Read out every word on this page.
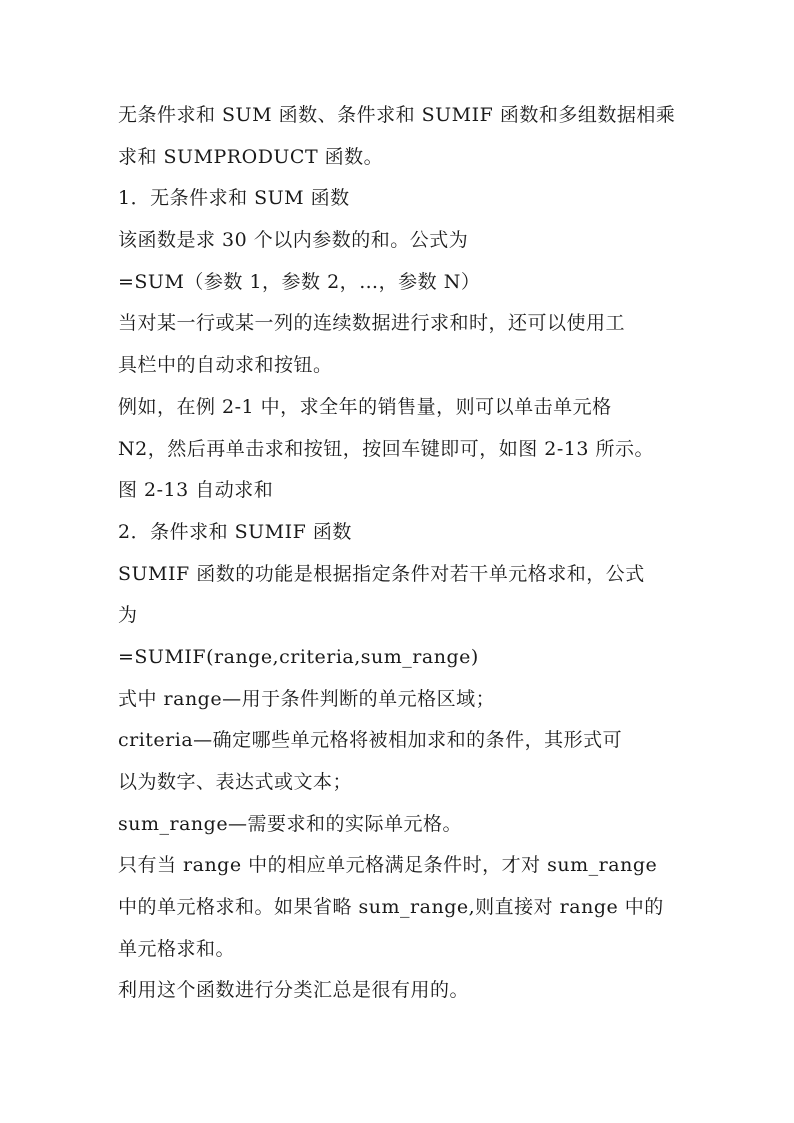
无条件求和 SUM 函数、条件求和 SUMIF 函数和多组数据相乘
求和 SUMPRODUCT 函数。
1．无条件求和 SUM 函数
该函数是求 30 个以内参数的和。公式为
=SUM（参数 1，参数 2，…，参数 N）
当对某一行或某一列的连续数据进行求和时，还可以使用工
具栏中的自动求和按钮。
例如，在例 2-1 中，求全年的销售量，则可以单击单元格
N2，然后再单击求和按钮，按回车键即可，如图 2-13 所示。
图 2-13 自动求和
2．条件求和 SUMIF 函数
SUMIF 函数的功能是根据指定条件对若干单元格求和，公式
为
=SUMIF(range,criteria,sum_range)
式中 range—用于条件判断的单元格区域；
criteria—确定哪些单元格将被相加求和的条件，其形式可
以为数字、表达式或文本；
sum_range—需要求和的实际单元格。
只有当 range 中的相应单元格满足条件时，才对 sum_range
中的单元格求和。如果省略 sum_range,则直接对 range 中的
单元格求和。
利用这个函数进行分类汇总是很有用的。
